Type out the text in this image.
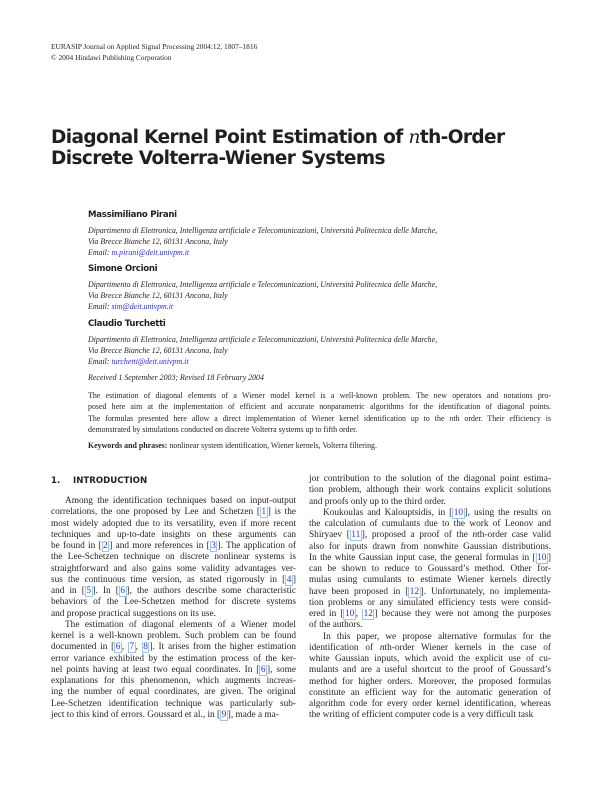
EURASIP Journal on Applied Signal Processing 2004:12, 1807–1816
© 2004 Hindawi Publishing Corporation
Diagonal Kernel Point Estimation of nth-Order
Discrete Volterra-Wiener Systems
Massimiliano Pirani
Dipartimento di Elettronica, Intelligenza artificiale e Telecomunicazioni, Università Politecnica delle Marche,
Via Brecce Bianche 12, 60131 Ancona, Italy
Email: m.pirani@deit.univpm.it
Simone Orcioni
Dipartimento di Elettronica, Intelligenza artificiale e Telecomunicazioni, Università Politecnica delle Marche,
Via Brecce Bianche 12, 60131 Ancona, Italy
Email: sim@deit.univpm.it
Claudio Turchetti
Dipartimento di Elettronica, Intelligenza artificiale e Telecomunicazioni, Università Politecnica delle Marche,
Via Brecce Bianche 12, 60131 Ancona, Italy
Email: turchetti@deit.univpm.it
Received 1 September 2003; Revised 18 February 2004
The estimation of diagonal elements of a Wiener model kernel is a well-known problem. The new operators and notations pro-
posed here aim at the implementation of efficient and accurate nonparametric algorithms for the identification of diagonal points.
The formulas presented here allow a direct implementation of Wiener kernel identification up to the nth order. Their efficiency is
demonstrated by simulations conducted on discrete Volterra systems up to fifth order.
Keywords and phrases: nonlinear system identification, Wiener kernels, Volterra filtering.
1. INTRODUCTION
Among the identification techniques based on input-output
correlations, the one proposed by Lee and Schetzen [ 1 ] is the
most widely adopted due to its versatility, even if more recent
techniques and up-to-date insights on these arguments can
be found in [ 2 ] and more references in [ 3 ]. The application of
the Lee-Schetzen technique on discrete nonlinear systems is
straightforward and also gains some validity advantages ver-
sus the continuous time version, as stated rigorously in [ 4 ]
and in [ 5 ]. In [ 6 ], the authors describe some characteristic
behaviors of the Lee-Schetzen method for discrete systems
and propose practical suggestions on its use.
The estimation of diagonal elements of a Wiener model
kernel is a well-known problem. Such problem can be found
documented in [ 6 , 7 , 8 ]. It arises from the higher estimation
error variance exhibited by the estimation process of the ker-
nel points having at least two equal coordinates. In [ 6 ], some
explanations for this phenomenon, which augments increas-
ing the number of equal coordinates, are given. The original
Lee-Schetzen identification technique was particularly sub-
ject to this kind of errors. Goussard et al., in [ 9 ], made a ma-
jor contribution to the solution of the diagonal point estima-
tion problem, although their work contains explicit solutions
and proofs only up to the third order.
Koukoulas and Kalouptsidis, in [ 10 ], using the results on
the calculation of cumulants due to the work of Leonov and
Shiryaev [ 11 ], proposed a proof of the nth-order case valid
also for inputs drawn from nonwhite Gaussian distributions.
In the white Gaussian input case, the general formulas in [ 10 ]
can be shown to reduce to Goussard’s method. Other for-
mulas using cumulants to estimate Wiener kernels directly
have been proposed in [ 12 ]. Unfortunately, no implementa-
tion problems or any simulated efficiency tests were consid-
ered in [ 10 , 12 ] because they were not among the purposes
of the authors.
In this paper, we propose alternative formulas for the
identification of nth-order Wiener kernels in the case of
white Gaussian inputs, which avoid the explicit use of cu-
mulants and are a useful shortcut to the proof of Goussard’s
method for higher orders. Moreover, the proposed formulas
constitute an efficient way for the automatic generation of
algorithm code for every order kernel identification, whereas
the writing of efficient computer code is a very difficult task
